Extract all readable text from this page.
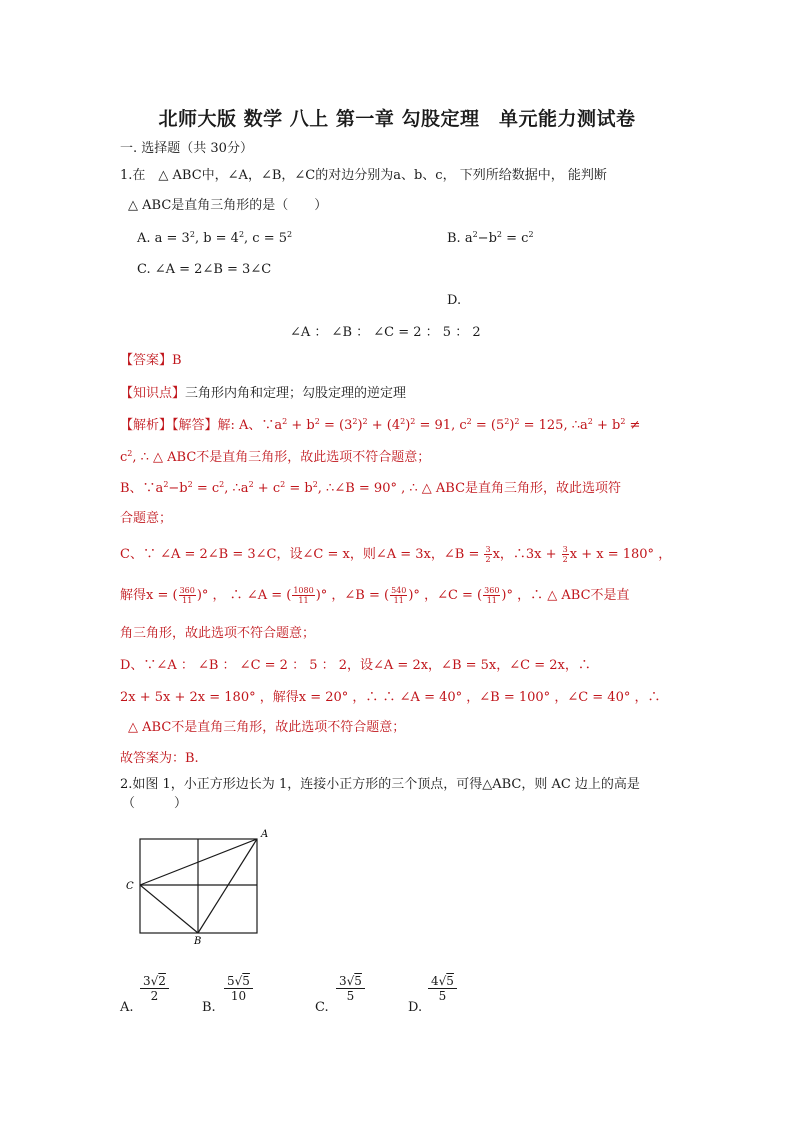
北师大版 数学 八上 第一章 勾股定理　单元能力测试卷
一. 选择题（共 30分）
1.在　△ ABC中，∠A，∠B，∠C的对边分别为a、b、c， 下列所给数据中， 能判断
△ ABC是直角三角形的是（　　）
A. $a = 3^2$, $b = 4^2$, $c = 5^2$	B. $a^2-b^2 = c^2$
C. ∠A = 2∠B = 3∠C
D.
∠A ： ∠B ： ∠C = 2 ： 5 ： 2
【答案】B
【知识点】三角形内角和定理；勾股定理的逆定理
【解析】【解答】解: A、$\because a^2 + b^2 = (3^2)^2 + (4^2)^2 = 91$, $c^2 = (5^2)^2 = 125$, $\therefore a^2 + b^2$ ≠
$c^2$, ∴ △ ABC不是直角三角形，故此选项不符合题意；
B、$\because a^2-b^2 = c^2$, $\therefore a^2 + c^2 = b^2$, ∴∠B = 90° , ∴ △ ABC是直角三角形，故此选项符
合题意；
C、∵ ∠A = 2∠B = 3∠C，设∠C = x，则∠A = 3x，∠B = $\frac{3}{2}$ x，∴3x + $\frac{3}{2}$ x + x = 180° ，
解得x = ( $\frac{360}{11}$ )° ， ∴ ∠A = ( $\frac{1080}{11}$ )° ，∠B = ( $\frac{540}{11}$ )° ，∠C = ( $\frac{360}{11}$ )° ，∴ △ ABC不是直
角三角形，故此选项不符合题意；
D、∵∠A ： ∠B ： ∠C = 2 ： 5 ： 2，设∠A = 2x，∠B = 5x，∠C = 2x，∴
2x + 5x + 2x = 180° ，解得x = 20° ，∴ ∴ ∠A = 40° ，∠B = 100° ，∠C = 40° ，∴
△ ABC不是直角三角形，故此选项不符合题意；
故答案为：B.
2.如图 1，小正方形边长为 1，连接小正方形的三个顶点，可得△ABC，则 AC 边上的高是
（　　　）
A
C
B
A.
3√2
2
B.
5√5
10
C.
3√5
5
D.
4√5
5
